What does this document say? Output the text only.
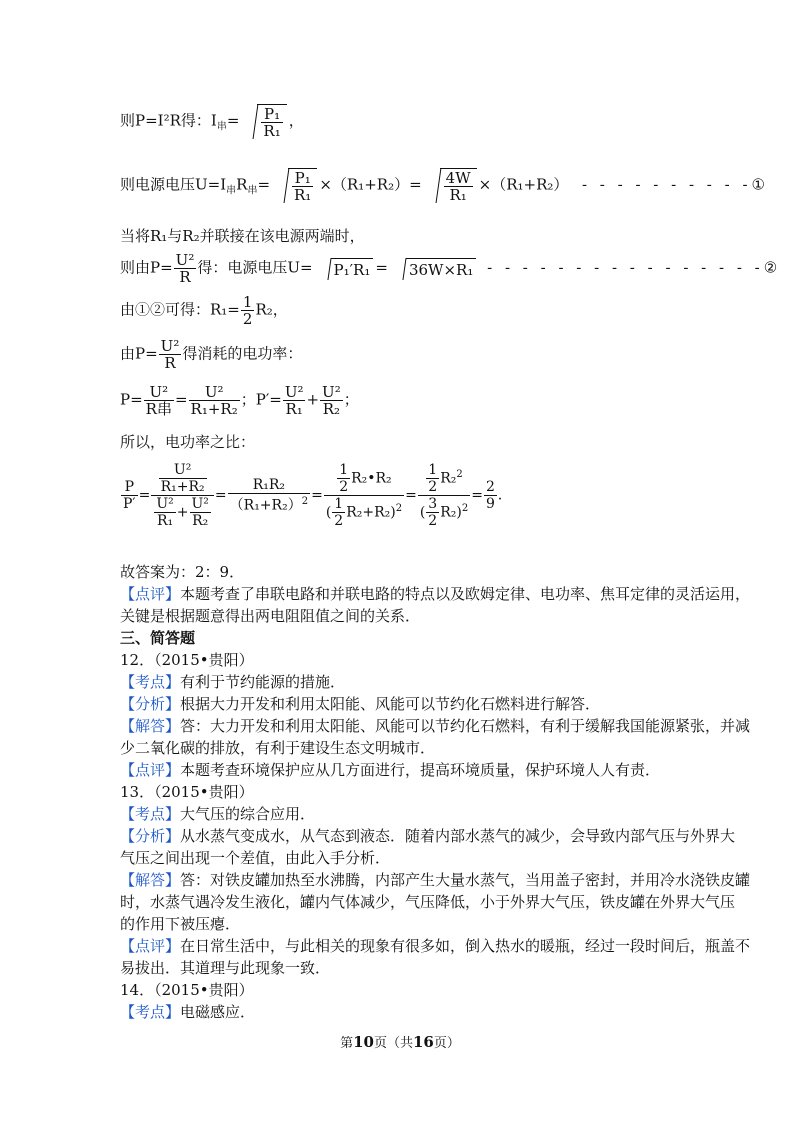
则P=I²R得：$I_串= \frac{\text{P₁}}{\text{R₁}}$ ，
则电源电压$U=I_串R_串= \frac{\text{P₁}}{\text{R₁}} \times(R_1+R_2)= \frac{4W}{\text{R₁}} \times(R_1+R_2)$  - - - - - - - - - -①
当将R₁与R₂并联接在该电源两端时，
则由$P= \frac{\text{U²}}{R}$ 得：电源电压U= P₁′R₁ = 36W×R₁ - - - - - - - - - - - - - - - -②
由①②可得：$R_1= \frac{1}{2} R_2$，
由$P= \frac{\text{U²}}{R}$ 得消耗的电功率：
$P= \frac{\text{U²}}{\text{R串}} = \frac{\text{U²}}{\text{R₁+R₂}}$ ；$P'= \frac{\text{U²}}{\text{R₁}} + \frac{\text{U²}}{\text{R₂}}$ ；
所以，电功率之比：
$\frac{P}{P'} = \frac{\frac{\text{U²}}{\text{R₁+R₂}}}{\frac{\text{U²}}{\text{R₁}} + \frac{\text{U²}}{\text{R₂}}} = \frac{\text{R₁R₂}}{(R_1+R_2)^2} = \frac{\frac{1}{2} R_2•R_2}{( \frac{1}{2} R_2+R_2)^2} = \frac{\frac{1}{2} R_2^2}{( \frac{3}{2} R_2)^2} = \frac{2}{9}$ ．
故答案为：2：9．
【点评】本题考查了串联电路和并联电路的特点以及欧姆定律、电功率、焦耳定律的灵活运用，
关键是根据题意得出两电阻阻值之间的关系．
三、简答题
12．（2015•贵阳）
【考点】有利于节约能源的措施．
【分析】根据大力开发和利用太阳能、风能可以节约化石燃料进行解答．
【解答】答：大力开发和利用太阳能、风能可以节约化石燃料，有利于缓解我国能源紧张，并减
少二氧化碳的排放，有利于建设生态文明城市．
【点评】本题考查环境保护应从几方面进行，提高环境质量，保护环境人人有责．
13．（2015•贵阳）
【考点】大气压的综合应用．
【分析】从水蒸气变成水，从气态到液态．随着内部水蒸气的减少，会导致内部气压与外界大
气压之间出现一个差值，由此入手分析．
【解答】答：对铁皮罐加热至水沸腾，内部产生大量水蒸气，当用盖子密封，并用冷水浇铁皮罐
时，水蒸气遇冷发生液化，罐内气体减少，气压降低，小于外界大气压，铁皮罐在外界大气压
的作用下被压瘪．
【点评】在日常生活中，与此相关的现象有很多如，倒入热水的暖瓶，经过一段时间后，瓶盖不
易拔出．其道理与此现象一致．
14．（2015•贵阳）
【考点】电磁感应．
第10页（共16页）
